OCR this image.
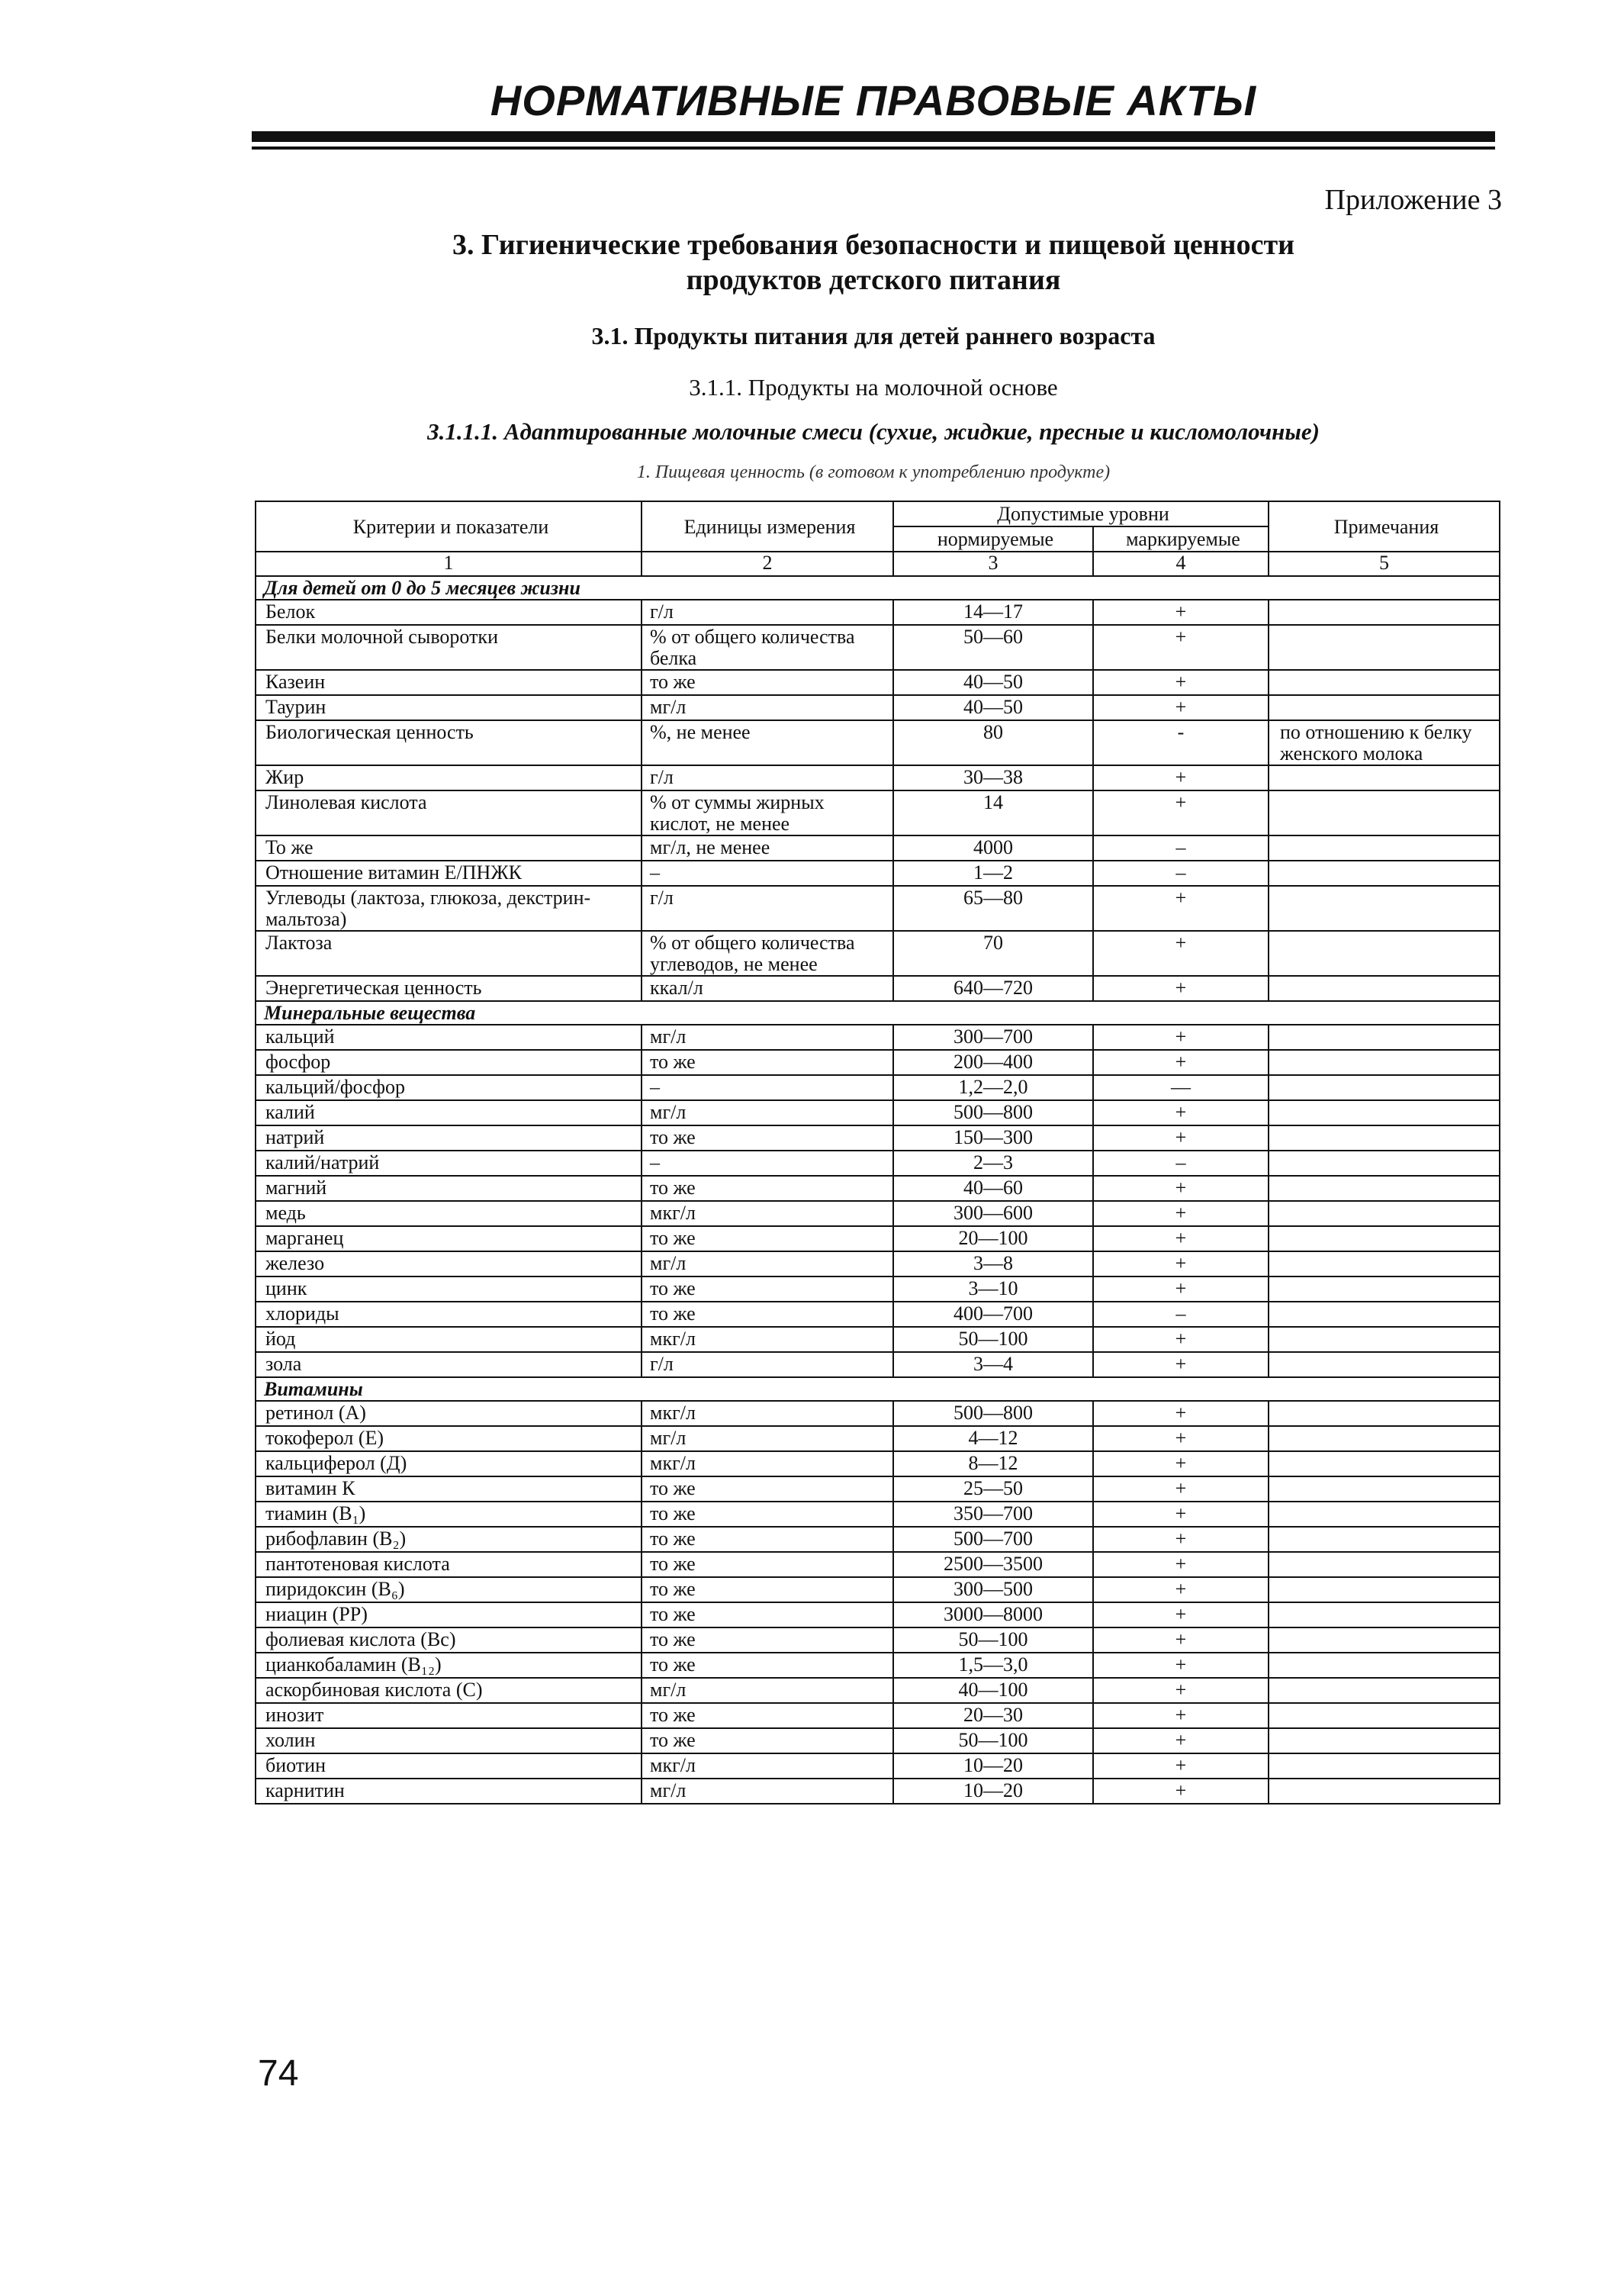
НОРМАТИВНЫЕ ПРАВОВЫЕ АКТЫ
Приложение 3
3. Гигиенические требования безопасности и пищевой ценности
продуктов детского питания
3.1. Продукты питания для детей раннего возраста
3.1.1. Продукты на молочной основе
3.1.1.1. Адаптированные молочные смеси (сухие, жидкие, пресные и кисломолочные)
1. Пищевая ценность (в готовом к употреблению продукте)
Критерии и показатели	Единицы измерения	Допустимые уровни		Примечания
		нормируемые	маркируемые	
1	2	3	4	5
Для детей от 0 до 5 месяцев жизни				
Белок	г/л	14—17	+	
Белки молочной сыворотки	% от общего количества белка	50—60	+	
Казеин	то же	40—50	+	
Таурин	мг/л	40—50	+	
Биологическая ценность	%, не менее	80	-	по отношению к белку женского молока
Жир	г/л	30—38	+	
Линолевая кислота	% от суммы жирных кислот, не менее	14	+	
То же	мг/л, не менее	4000	–	
Отношение витамин Е/ПНЖК	–	1—2	–	
Углеводы (лактоза, глюкоза, декстрин-мальтоза)	г/л	65—80	+	
Лактоза	% от общего количества углеводов, не менее	70	+	
Энергетическая ценность	ккал/л	640—720	+	
Минеральные вещества				
кальций	мг/л	300—700	+	
фосфор	то же	200—400	+	
кальций/фосфор	–	1,2—2,0	—	
калий	мг/л	500—800	+	
натрий	то же	150—300	+	
калий/натрий	–	2—3	–	
магний	то же	40—60	+	
медь	мкг/л	300—600	+	
марганец	то же	20—100	+	
железо	мг/л	3—8	+	
цинк	то же	3—10	+	
хлориды	то же	400—700	–	
йод	мкг/л	50—100	+	
зола	г/л	3—4	+	
Витамины				
ретинол (А)	мкг/л	500—800	+	
токоферол (Е)	мг/л	4—12	+	
кальциферол (Д)	мкг/л	8—12	+	
витамин К	то же	25—50	+	
тиамин (B₁)	то же	350—700	+	
рибофлавин (B₂)	то же	500—700	+	
пантотеновая кислота	то же	2500—3500	+	
пиридоксин (B₆)	то же	300—500	+	
ниацин (РР)	то же	3000—8000	+	
фолиевая кислота (Вс)	то же	50—100	+	
цианкобаламин (B₁₂)	то же	1,5—3,0	+	
аскорбиновая кислота (С)	мг/л	40—100	+	
инозит	то же	20—30	+	
холин	то же	50—100	+	
биотин	мкг/л	10—20	+	
карнитин	мг/л	10—20	+	
74
